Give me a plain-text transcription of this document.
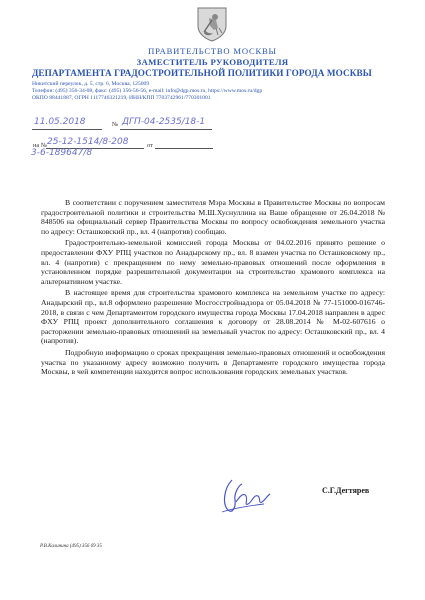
ПРАВИТЕЛЬСТВО МОСКВЫ
ЗАМЕСТИТЕЛЬ РУКОВОДИТЕЛЯ
ДЕПАРТАМЕНТА ГРАДОСТРОИТЕЛЬНОЙ ПОЛИТИКИ ГОРОДА МОСКВЫ
Никитский переулок, д. 5, стр. 6, Москва, 125009
Телефон: (495) 356-34-08, факс: (495) 356-56-56, e-mail: info@dgp.mos.ru, https://www.mos.ru/dgp
ОКПО 88441887, ОГРН 1117746321219, ИНН/КПП 7703742961/770301001
11.05.2018	№ ДГП-04-2535/18-1
на № 25-12-1514/8-208	от
3-6-189647/8

В соответствии с поручением заместителя Мэра Москвы в Правительстве Москвы по вопросам градостроительной политики и строительства М.Ш.Хуснуллина на Ваше обращение от 26.04.2018 № 848506 на официальный сервер Правительства Москвы по вопросу освобождения земельного участка по адресу: Осташковский пр., вл. 4 (напротив) сообщаю.

Градостроительно-земельной комиссией города Москвы от 04.02.2016 принято решение о предоставлении ФХУ РПЦ участков по Анадырскому пр., вл. 8 взамен участка по Осташковскому пр., вл. 4 (напротив) с прекращением по нему земельно-правовых отношений после оформления в установленном порядке разрешительной документации на строительство храмового комплекса на альтернативном участке.

В настоящее время для строительства храмового комплекса на земельном участке по адресу: Анадырский пр., вл.8 оформлено разрешение Мосгосстройнадзора от 05.04.2018 № 77-151000-016746-2018, в связи с чем Департаментом городского имущества города Москвы 17.04.2018 направлен в адрес ФХУ РПЦ проект дополнительного соглашения к договору от 28.08.2014 № М-02-607616 о расторжении земельно-правовых отношений на земельный участок по адресу: Осташковский пр., вл. 4 (напротив).

Подробную информацию о сроках прекращения земельно-правовых отношений и освобождения участка по указанному адресу возможно получить в Департаменте городского имущества города Москвы, в чей компетенции находится вопрос использования городских земельных участков.

С.Г.Дегтярев
Р.В.Калинина (495) 356 69 35
